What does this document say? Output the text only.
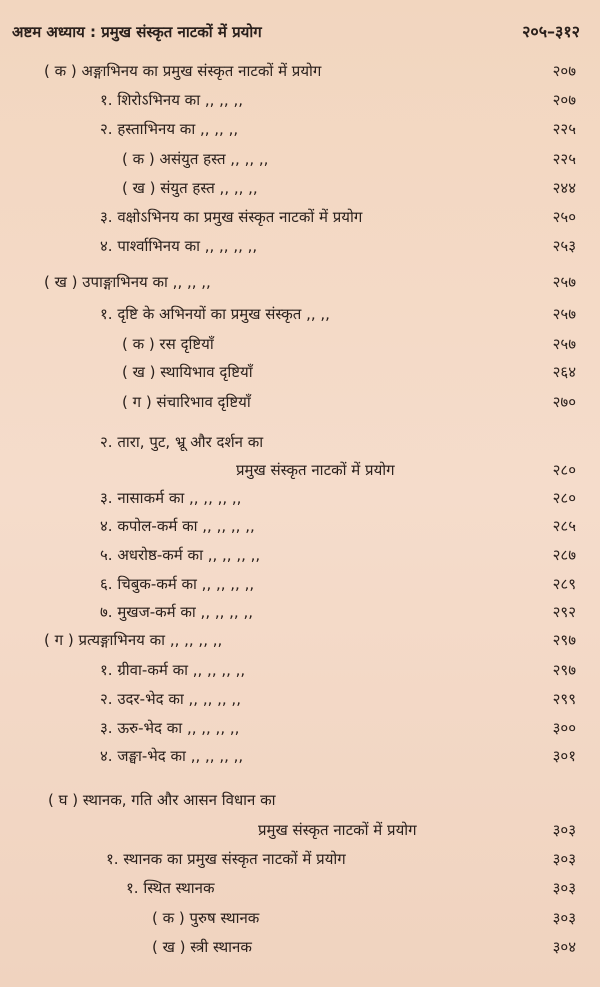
अष्टम अध्याय : प्रमुख संस्कृत नाटकों में प्रयोग	२०५–३१२
( क ) अङ्गाभिनय का प्रमुख संस्कृत नाटकों में प्रयोग	२०७
१. शिरोऽभिनय का ,, ,, ,,	२०७
२. हस्ताभिनय का ,, ,, ,,	२२५
( क ) असंयुत हस्त ,, ,, ,,	२२५
( ख ) संयुत हस्त ,, ,, ,,	२४४
३. वक्षोऽभिनय का प्रमुख संस्कृत नाटकों में प्रयोग	२५०
४. पार्श्वाभिनय का ,, ,, ,, ,,	२५३
( ख ) उपाङ्गाभिनय का ,, ,, ,,	२५७
१. दृष्टि के अभिनयों का प्रमुख संस्कृत ,, ,,	२५७
( क ) रस दृष्टियाँ	२५७
( ख ) स्थायिभाव दृष्टियाँ	२६४
( ग ) संचारिभाव दृष्टियाँ	२७०
२. तारा, पुट, भ्रू और दर्शन का
प्रमुख संस्कृत नाटकों में प्रयोग	२८०
३. नासाकर्म का ,, ,, ,, ,,	२८०
४. कपोल-कर्म का ,, ,, ,, ,,	२८५
५. अधरोष्ठ-कर्म का ,, ,, ,, ,,	२८७
६. चिबुक-कर्म का ,, ,, ,, ,,	२८९
७. मुखज-कर्म का ,, ,, ,, ,,	२९२
( ग ) प्रत्यङ्गाभिनय का ,, ,, ,, ,,	२९७
१. ग्रीवा-कर्म का ,, ,, ,, ,,	२९७
२. उदर-भेद का ,, ,, ,, ,,	२९९
३. ऊरु-भेद का ,, ,, ,, ,,	३००
४. जङ्घा-भेद का ,, ,, ,, ,,	३०१
( घ ) स्थानक, गति और आसन विधान का
प्रमुख संस्कृत नाटकों में प्रयोग	३०३
१. स्थानक का प्रमुख संस्कृत नाटकों में प्रयोग	३०३
१. स्थित स्थानक	३०३
( क ) पुरुष स्थानक	३०३
( ख ) स्त्री स्थानक	३०४
